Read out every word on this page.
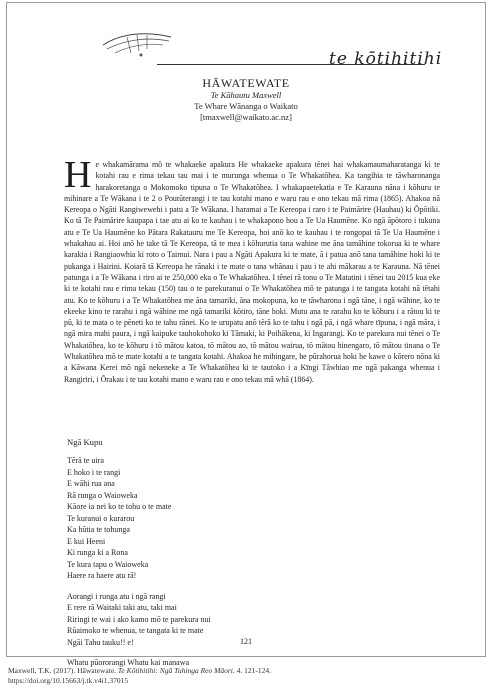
te kōtihitihi
HĀWATEWATE
Te Kāhautu Maxwell
Te Whare Wānanga o Waikato
[tmaxwell@waikato.ac.nz]
H e whakamārama mō te whakaeke apakura He whakaeke apakura tēnei hai whakamaumaharatanga ki te kotahi rau e rima tekau tau mai i te murunga whenua o Te Whakatōhea. Ka tangihia te tāwharonanga harakoretanga o Mokomoko tipuna o Te Whakatōhea. I whakapaetekatia e Te Karauna nāna i kōhuru te mihinare a Te Wākana i te 2 o Poutūterangi i te tau kotahi mano e waru rau e ono tekau mā rima (1865). Ahakoa nā Kereopa o Ngāti Rangiwewehi i patu a Te Wākana. I haramai a Te Kereopa i raro i te Paimārire (Hauhau) ki Ōpōtiki. Ko tā Te Paimārire kaupapa i tae atu ai ko te kauhau i te whakapono hou a Te Ua Haumēne. Ko ngā āpōtoro i tukuna atu e Te Ua Haumēne ko Pātara Rakatauru me Te Kereopa, hoi anō ko te kauhau i te rongopai tā Te Ua Haumēne i whakahau ai. Hoi anō he take tā Te Kereopa, tā te mea i kōhurutia tana wahine me āna tamāhine tokorua ki te whare karakia i Rangiaowhia ki roto o Taimui. Nara i pau a Ngāti Apakura ki te mate, ā i patua anō tana tamāhine hoki ki te pukanga i Hairini. Koiarā tā Kereopa he rānaki i te mate o tana whānau i pau i te ahi mākarau a te Karauna. Nā tēnei patunga i a Te Wākana i riro ai te 250,000 eka o Te Whakatōhea. I tēnei rā tonu o Te Matatini i tēnei tau 2015 kua eke ki te kotahi rau e rima tekau (150) tau o te parekuranui o Te Whakatōhea mō te patunga i te tangata kotahi nā tētahi atu. Ko te kōhuru i a Te Whakatōhea me āna tamariki, āna mokopuna, ko te tāwharona i ngā tāne, i ngā wāhine, ko te ekeeke kino te rarahu i ngā wāhine me ngā tamariki kōtiro, tāne hoki. Mutu ana te rarahu ko te kōhuru i a rātou ki te pū, ki te mata o te pēneti ko te tahu rānei. Ko te urupatu anō tērā ko te tahu i ngā pā, i ngā whare tīpuna, i ngā māra, i ngā mira mahi paura, i ngā kaipuke tauhokohoko ki Tāmaki, ki Poihākena, ki Ingarangi. Ko te parekura nui tēnei o Te Whakatōhea, ko te kōhuru i tō mātou katoa, tō mātou ao, tō mātou wairua, tō mātou hinengaro, tō mātou tinana o Te Whakatōhea mō te mate kotahi a te tangata kotahi. Ahakoa he mihingare, he pūrahorua hoki he kawe o kōrero nōna ki a Kāwana Kerei mō ngā nekeneke a Te Whakatōhea ki te tautoko i a Kīngi Tāwhiao me ngā pakanga whenua i Rangiriri, i Ōrakau i te tau kotahi mano e waru rau e ono tekau mā whā (1864).

Ngā Kupu
Tērā te uira
E hoko i te rangi
E wāhi rua ana
Rā runga o Waioweka
Kāore ia nei ko te tohu o te mate
Te kuranui o kurarou
Ka hūtia te tohunga
E kui Heeni
Ki runga ki a Rona
Te kura tapu o Waioweka
Haere ra haere atu rā!
Aorangi i runga atu i ngā rangi
E rere rā Waitaki taki atu, taki mai
Riringi te wai i ako kamo mō te parekura nui
Rūaimoko te whenua, te tangata ki te mate
Ngāi Tahu tauku!! e!
Whatu pūororangi Whatu kai manawa
121
Maxwell, T.K. (2017). Hāwatewate. Te Kōtihitihi: Ngā Tuhinga Reo Māori. 4. 121-124.
https://doi.org/10.15663/j.tk.v4i1.37015
